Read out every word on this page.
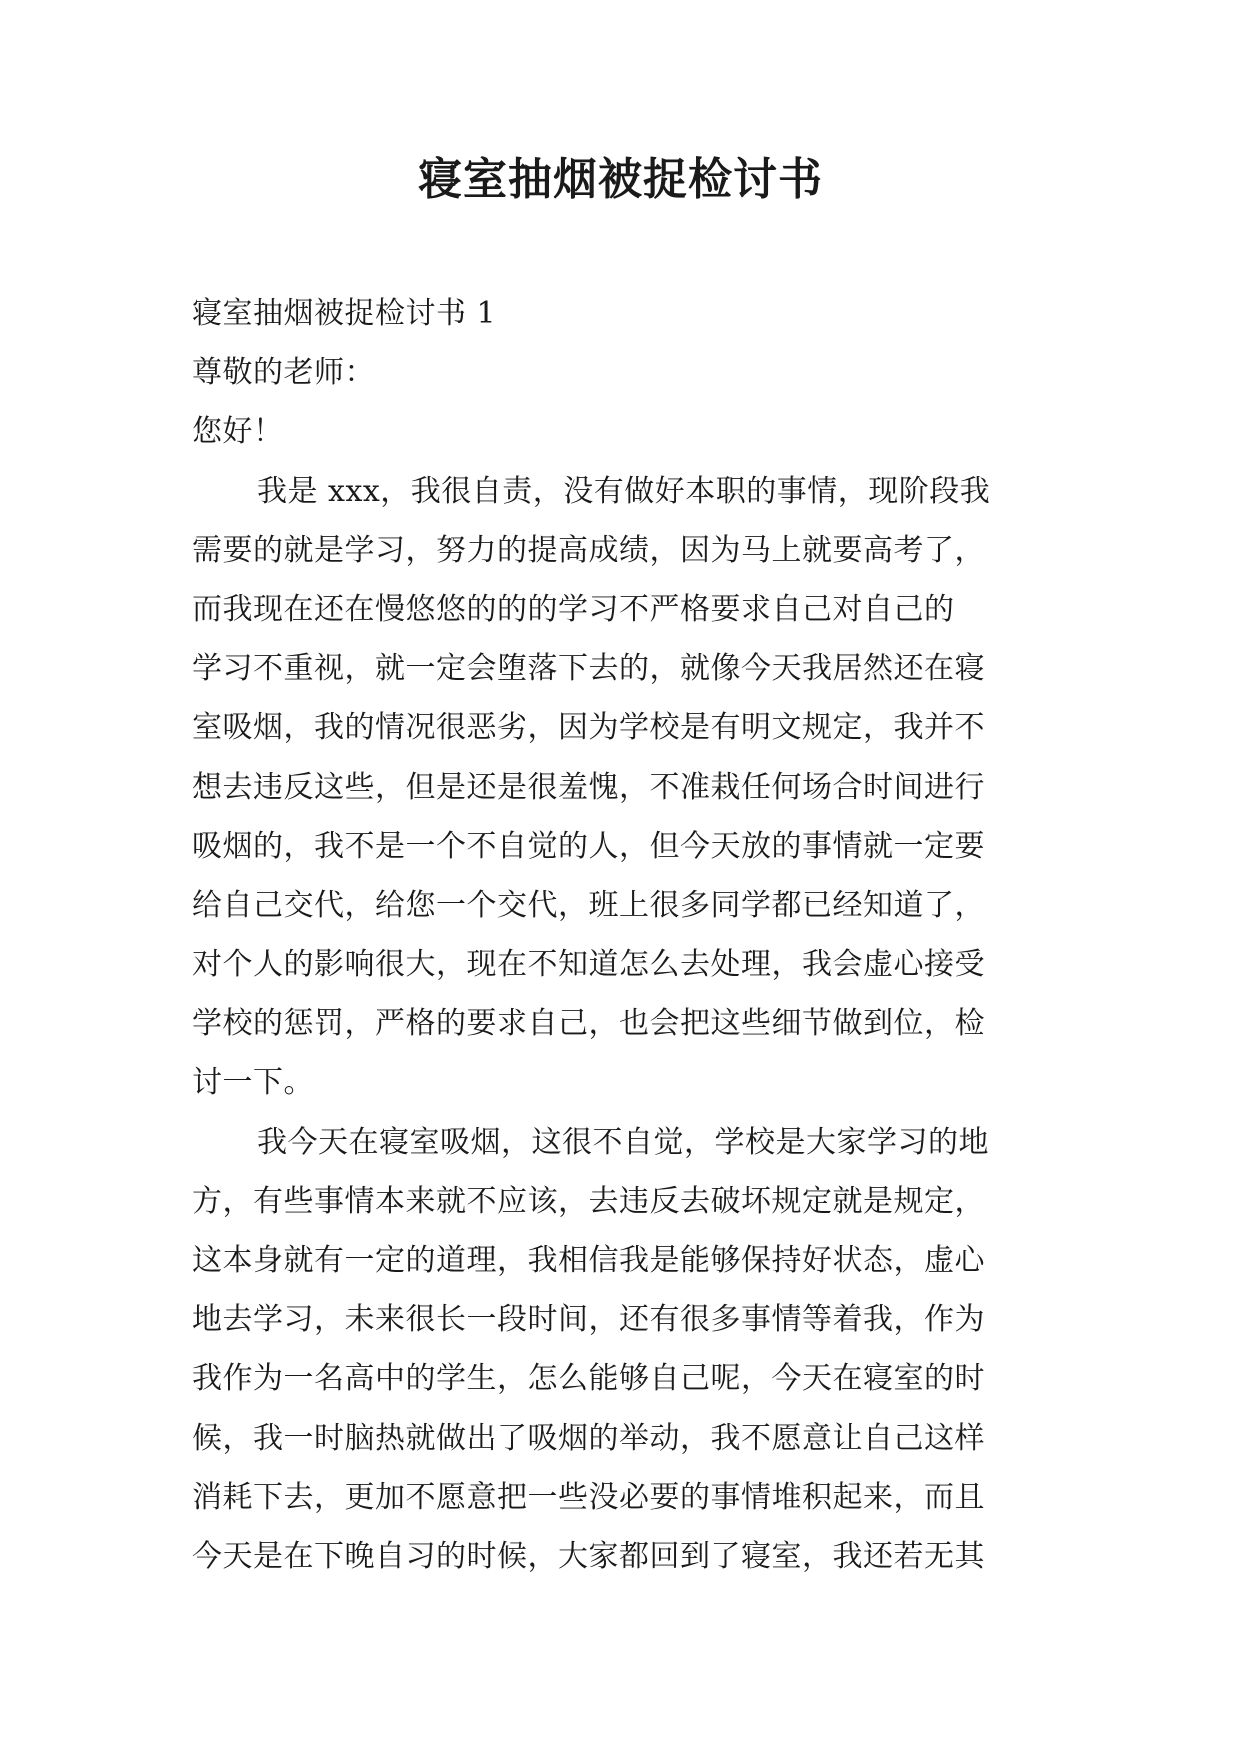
寝室抽烟被捉检讨书

寝室抽烟被捉检讨书 1

尊敬的老师：

您好！

我是 xxx，我很自责，没有做好本职的事情，现阶段我
需要的就是学习，努力的提高成绩，因为马上就要高考了，
而我现在还在慢悠悠的的的学习不严格要求自己对自己的
学习不重视，就一定会堕落下去的，就像今天我居然还在寝
室吸烟，我的情况很恶劣，因为学校是有明文规定，我并不
想去违反这些，但是还是很羞愧，不准栽任何场合时间进行
吸烟的，我不是一个不自觉的人，但今天放的事情就一定要
给自己交代，给您一个交代，班上很多同学都已经知道了，
对个人的影响很大，现在不知道怎么去处理，我会虚心接受
学校的惩罚，严格的要求自己，也会把这些细节做到位，检
讨一下。
我今天在寝室吸烟，这很不自觉，学校是大家学习的地
方，有些事情本来就不应该，去违反去破坏规定就是规定，
这本身就有一定的道理，我相信我是能够保持好状态，虚心
地去学习，未来很长一段时间，还有很多事情等着我，作为
我作为一名高中的学生，怎么能够自己呢，今天在寝室的时
候，我一时脑热就做出了吸烟的举动，我不愿意让自己这样
消耗下去，更加不愿意把一些没必要的事情堆积起来，而且
今天是在下晚自习的时候，大家都回到了寝室，我还若无其
